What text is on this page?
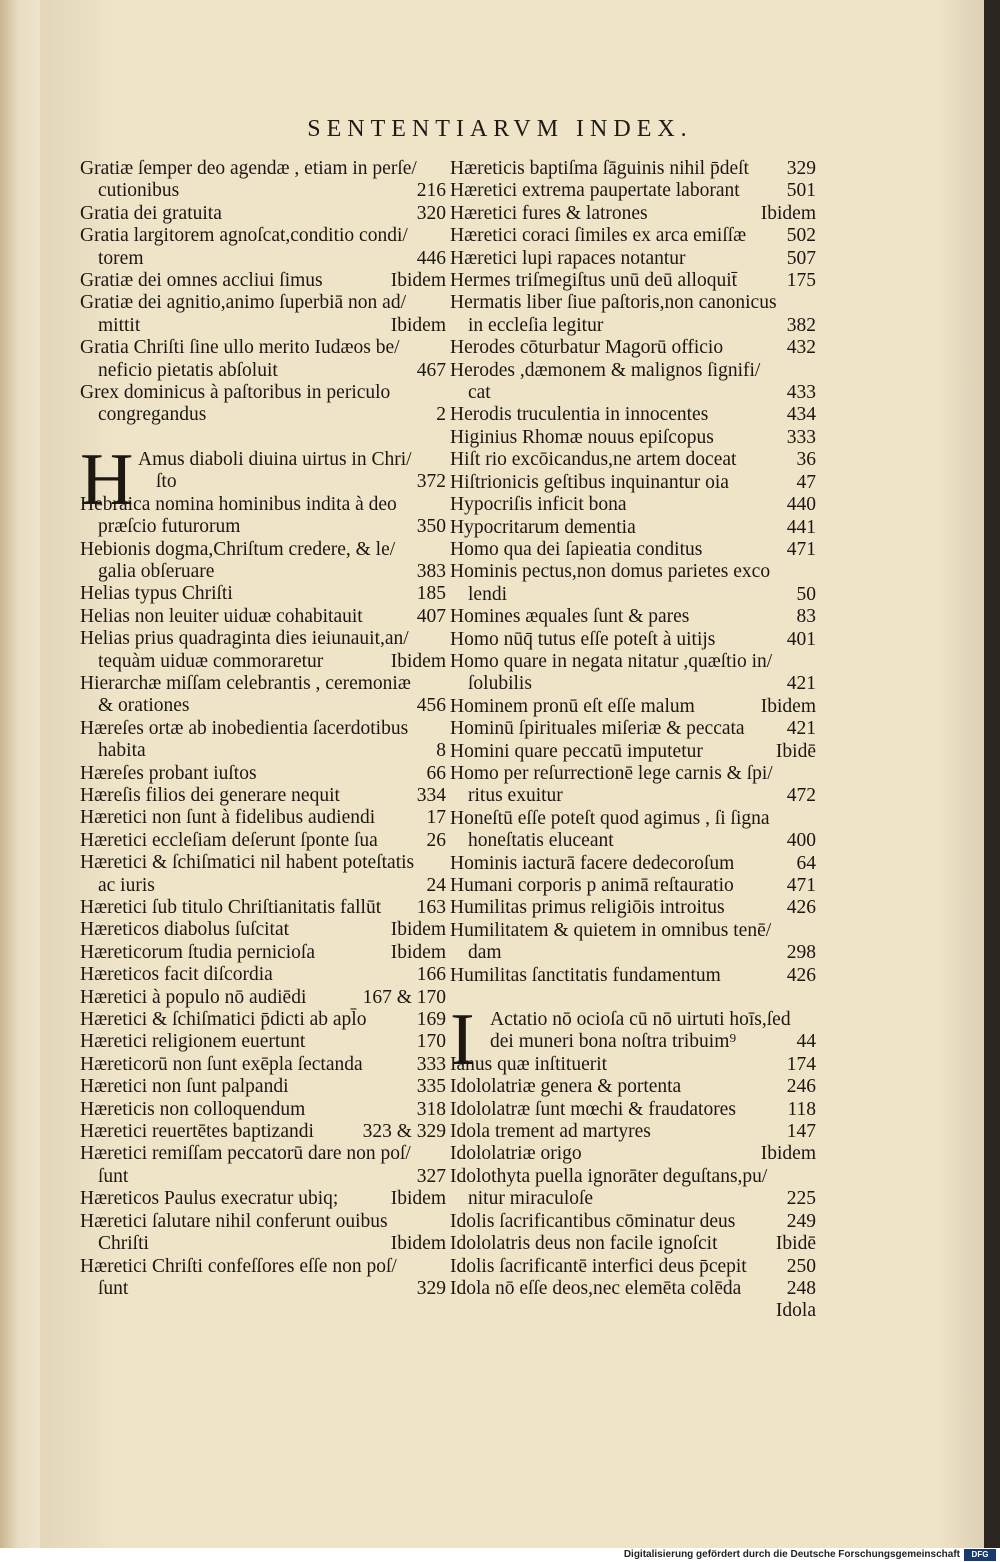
SENTENTIARVM INDEX.
Gratiæ ſemper deo agendæ , etiam in perſe/
cutionibus	216
Gratia dei gratuita	320
Gratia largitorem agnoſcat,conditio condi/
torem	446
Gratiæ dei omnes accliui ſimus	Ibidem
Gratiæ dei agnitio,animo ſuperbiā non ad/
mittit	Ibidem
Gratia Chriſti ſine ullo merito Iudæos be/
neficio pietatis abſoluit	467
Grex dominicus à paſtoribus in periculo
congregandus	2
H Amus diaboli diuina uirtus in Chri/
ſto	372
Hebraica nomina hominibus indita à deo
præſcio futurorum	350
Hebionis dogma,Chriſtum credere, & le/
galia obſeruare	383
Helias typus Chriſti	185
Helias non leuiter uiduæ cohabitauit	407
Helias prius quadraginta dies ieiunauit,an/
tequàm uiduæ commoraretur	Ibidem
Hierarchæ miſſam celebrantis , ceremoniæ
& orationes	456
Hæreſes ortæ ab inobedientia ſacerdotibus
habita	8
Hæreſes probant iuſtos	66
Hæreſis filios dei generare nequit	334
Hæretici non ſunt à fidelibus audiendi	17
Hæretici eccleſiam deſerunt ſponte ſua	26
Hæretici & ſchiſmatici nil habent poteſtatis
ac iuris	24
Hæretici ſub titulo Chriſtianitatis fallūt	163
Hæreticos diabolus ſuſcitat	Ibidem
Hæreticorum ſtudia pernicioſa	Ibidem
Hæreticos facit diſcordia	166
Hæretici à populo nō audiēdi	167 & 170
Hæretici & ſchiſmatici p̄dicti ab apl̄o	169
Hæretici religionem euertunt	170
Hæreticorū non ſunt exēpla ſectanda	333
Hæretici non ſunt palpandi	335
Hæreticis non colloquendum	318
Hæretici reuertētes baptizandi	323 & 329
Hæretici remiſſam peccatorū dare non poſ/
ſunt	327
Hæreticos Paulus execratur ubiq;	Ibidem
Hæretici ſalutare nihil conferunt ouibus
Chriſti	Ibidem
Hæretici Chriſti confeſſores eſſe non poſ/
ſunt	329
Hæreticis baptiſma ſāguinis nihil p̄deſt	329
Hæretici extrema paupertate laborant	501
Hæretici fures & latrones	Ibidem
Hæretici coraci ſimiles ex arca emiſſæ	502
Hæretici lupi rapaces notantur	507
Hermes triſmegiſtus unū deū alloquit̄	175
Hermatis liber ſiue paſtoris,non canonicus
in eccleſia legitur	382
Herodes cōturbatur Magorū officio	432
Herodes ,dæmonem & malignos ſignifi/
cat	433
Herodis truculentia in innocentes	434
Higinius Rhomæ nouus epiſcopus	333
Hiſt rio excōicandus,ne artem doceat	36
Hiſtrionicis geſtibus inquinantur oia	47
Hypocriſis inficit bona	440
Hypocritarum dementia	441
Homo qua dei ſapieatia conditus	471
Hominis pectus,non domus parietes exco
lendi	50
Homines æquales ſunt & pares	83
Homo nūq̄ tutus eſſe poteſt à uitijs	401
Homo quare in negata nitatur ,quæſtio in/
ſolubilis	421
Hominem pronū eſt eſſe malum	Ibidem
Hominū ſpirituales miſeriæ & peccata	421
Homini quare peccatū imputetur	Ibidē
Homo per reſurrectionē lege carnis & ſpi/
ritus exuitur	472
Honeſtū eſſe poteſt quod agimus , ſi ſigna
honeſtatis eluceant	400
Hominis iacturā facere dedecoroſum	64
Humani corporis p animā reſtauratio	471
Humilitas primus religiōis introitus	426
Humilitatem & quietem in omnibus tenē/
dam	298
Humilitas ſanctitatis fundamentum	426
I Actatio nō ocioſa cū nō uirtuti hoīs,ſed
dei muneri bona noſtra tribuim⁹	44
Ianus quæ inſtituerit	174
Idololatriæ genera & portenta	246
Idololatræ ſunt mœchi & fraudatores	118
Idola trement ad martyres	147
Idololatriæ origo	Ibidem
Idolothyta puella ignorāter deguſtans,pu/
nitur miraculoſe	225
Idolis ſacrificantibus cōminatur deus	249
Idololatris deus non facile ignoſcit	Ibidē
Idolis ſacrificantē interfici deus p̄cepit	250
Idola nō eſſe deos,nec elemēta colēda	248
Idola
Digitalisierung gefördert durch die Deutsche Forschungsgemeinschaft	DFG
